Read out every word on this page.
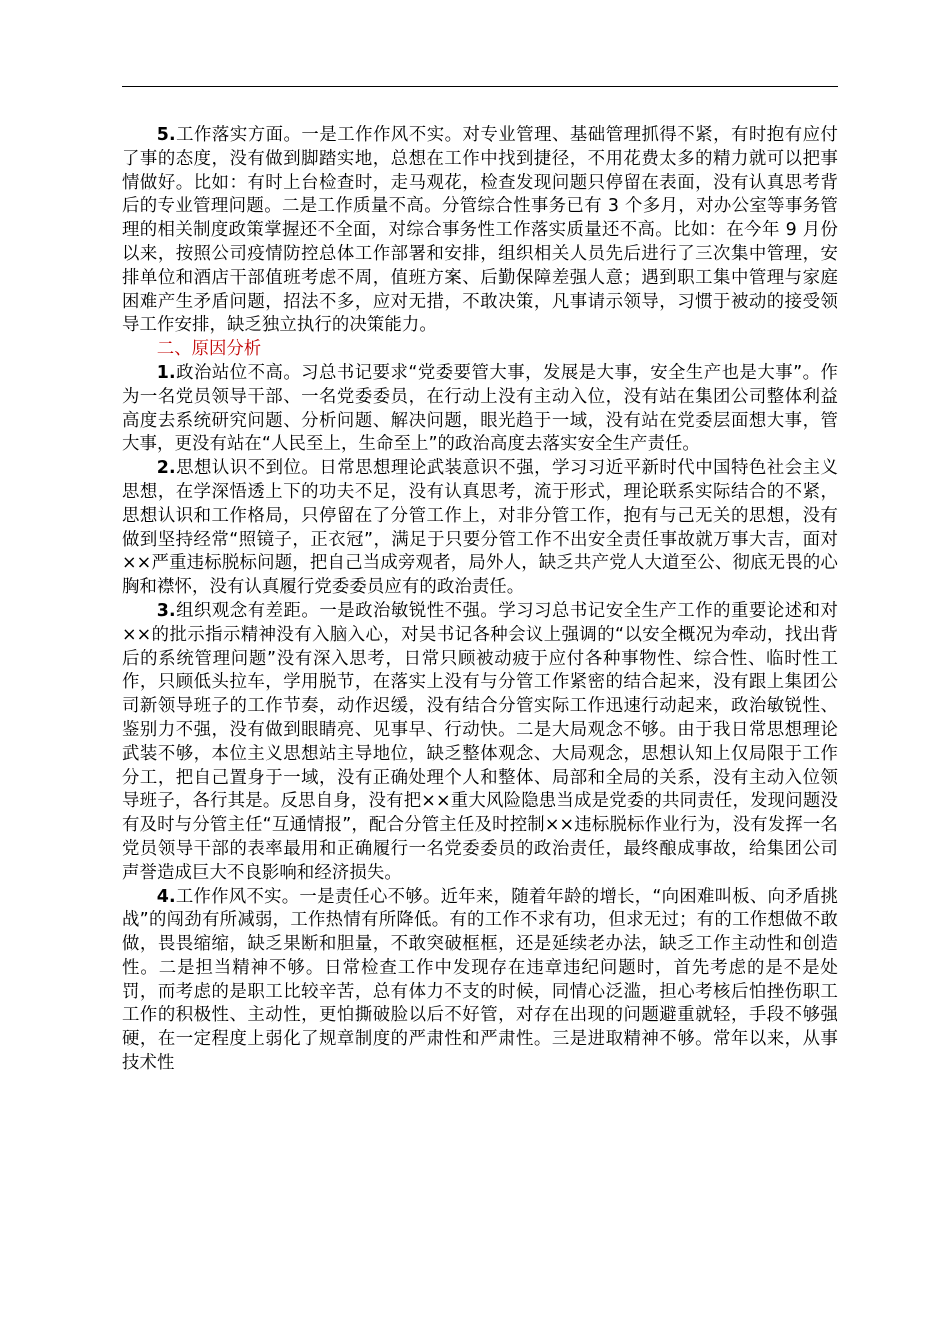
5.工作落实方面。一是工作作风不实。对专业管理、基础管理抓得不紧，有时抱有应付了事的态度，没有做到脚踏实地，总想在工作中找到捷径，不用花费太多的精力就可以把事情做好。比如：有时上台检查时，走马观花，检查发现问题只停留在表面，没有认真思考背后的专业管理问题。二是工作质量不高。分管综合性事务已有 3 个多月，对办公室等事务管理的相关制度政策掌握还不全面，对综合事务性工作落实质量还不高。比如：在今年 9 月份以来，按照公司疫情防控总体工作部署和安排，组织相关人员先后进行了三次集中管理，安排单位和酒店干部值班考虑不周，值班方案、后勤保障差强人意；遇到职工集中管理与家庭困难产生矛盾问题，招法不多，应对无措，不敢决策，凡事请示领导，习惯于被动的接受领导工作安排，缺乏独立执行的决策能力。

二、原因分析

1.政治站位不高。习总书记要求“党委要管大事，发展是大事，安全生产也是大事”。作为一名党员领导干部、一名党委委员，在行动上没有主动入位，没有站在集团公司整体利益高度去系统研究问题、分析问题、解决问题，眼光趋于一域，没有站在党委层面想大事，管大事，更没有站在“人民至上，生命至上”的政治高度去落实安全生产责任。

2.思想认识不到位。日常思想理论武装意识不强，学习习近平新时代中国特色社会主义思想，在学深悟透上下的功夫不足，没有认真思考，流于形式，理论联系实际结合的不紧，思想认识和工作格局，只停留在了分管工作上，对非分管工作，抱有与己无关的思想，没有做到坚持经常“照镜子，正衣冠”，满足于只要分管工作不出安全责任事故就万事大吉，面对××严重违标脱标问题，把自己当成旁观者，局外人，缺乏共产党人大道至公、彻底无畏的心胸和襟怀，没有认真履行党委委员应有的政治责任。

3.组织观念有差距。一是政治敏锐性不强。学习习总书记安全生产工作的重要论述和对××的批示指示精神没有入脑入心，对吴书记各种会议上强调的“以安全概况为牵动，找出背后的系统管理问题”没有深入思考，日常只顾被动疲于应付各种事物性、综合性、临时性工作，只顾低头拉车，学用脱节，在落实上没有与分管工作紧密的结合起来，没有跟上集团公司新领导班子的工作节奏，动作迟缓，没有结合分管实际工作迅速行动起来，政治敏锐性、鉴别力不强，没有做到眼睛亮、见事早、行动快。二是大局观念不够。由于我日常思想理论武装不够，本位主义思想站主导地位，缺乏整体观念、大局观念，思想认知上仅局限于工作分工，把自己置身于一域，没有正确处理个人和整体、局部和全局的关系，没有主动入位领导班子，各行其是。反思自身，没有把××重大风险隐患当成是党委的共同责任，发现问题没有及时与分管主任“互通情报”，配合分管主任及时控制××违标脱标作业行为，没有发挥一名党员领导干部的表率最用和正确履行一名党委委员的政治责任，最终酿成事故，给集团公司声誉造成巨大不良影响和经济损失。

4.工作作风不实。一是责任心不够。近年来，随着年龄的增长，“向困难叫板、向矛盾挑战”的闯劲有所减弱，工作热情有所降低。有的工作不求有功，但求无过；有的工作想做不敢做，畏畏缩缩，缺乏果断和胆量，不敢突破框框，还是延续老办法，缺乏工作主动性和创造性。二是担当精神不够。日常检查工作中发现存在违章违纪问题时，首先考虑的是不是处罚，而考虑的是职工比较辛苦，总有体力不支的时候，同情心泛滥，担心考核后怕挫伤职工工作的积极性、主动性，更怕撕破脸以后不好管，对存在出现的问题避重就轻，手段不够强硬，在一定程度上弱化了规章制度的严肃性和严肃性。三是进取精神不够。常年以来，从事技术性
